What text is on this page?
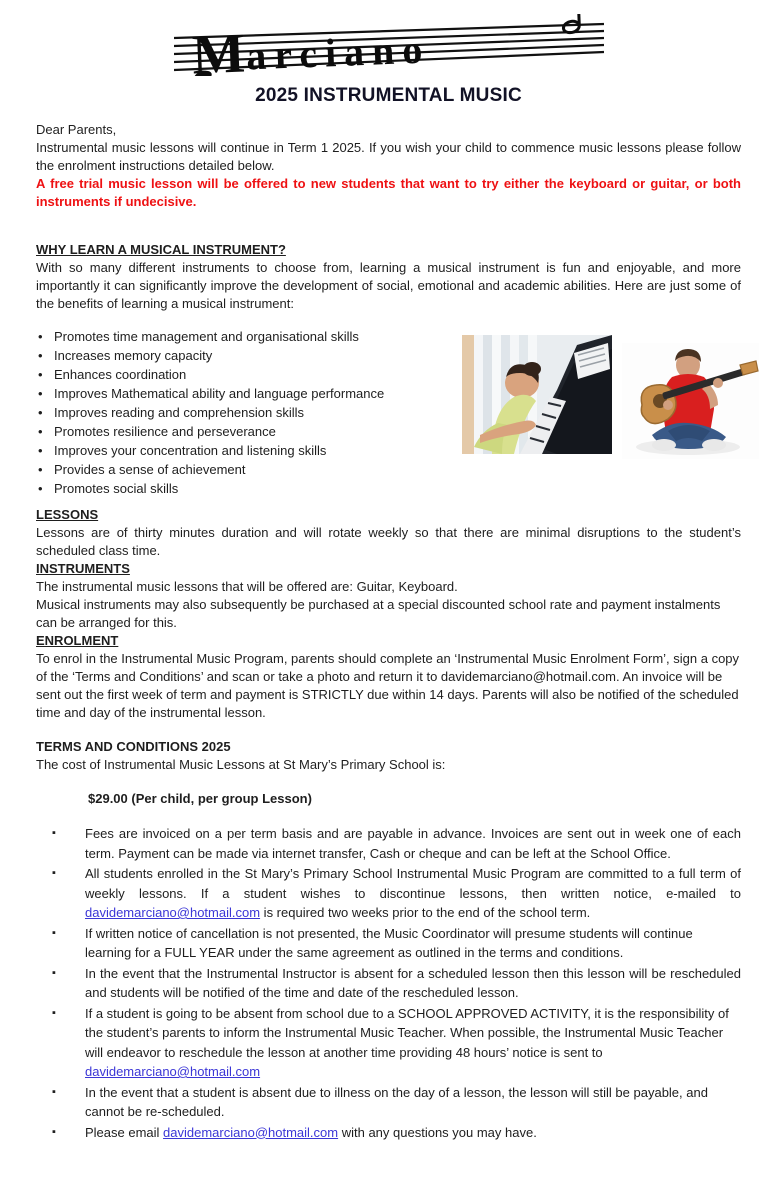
M arciano
2025 INSTRUMENTAL MUSIC
Dear Parents,
Instrumental music lessons will continue in Term 1 2025. If you wish your child to commence music lessons please follow the enrolment instructions detailed below.
A free trial music lesson will be offered to new students that want to try either the keyboard or guitar, or both instruments if undecisive.
WHY LEARN A MUSICAL INSTRUMENT?
With so many different instruments to choose from, learning a musical instrument is fun and enjoyable, and more importantly it can significantly improve the development of social, emotional and academic abilities. Here are just some of the benefits of learning a musical instrument:
• Promotes time management and organisational skills
• Increases memory capacity
• Enhances coordination
• Improves Mathematical ability and language performance
• Improves reading and comprehension skills
• Promotes resilience and perseverance
• Improves your concentration and listening skills
• Provides a sense of achievement
• Promotes social skills
LESSONS
Lessons are of thirty minutes duration and will rotate weekly so that there are minimal disruptions to the student’s scheduled class time.
INSTRUMENTS
The instrumental music lessons that will be offered are: Guitar, Keyboard.
Musical instruments may also subsequently be purchased at a special discounted school rate and payment instalments can be arranged for this.
ENROLMENT
To enrol in the Instrumental Music Program, parents should complete an ‘Instrumental Music Enrolment Form’, sign a copy of the ‘Terms and Conditions’ and scan or take a photo and return it to davidemarciano@hotmail.com. An invoice will be sent out the first week of term and payment is STRICTLY due within 14 days. Parents will also be notified of the scheduled time and day of the instrumental lesson.
TERMS AND CONDITIONS 2025
The cost of Instrumental Music Lessons at St Mary’s Primary School is:
$29.00 (Per child, per group Lesson)
▪ Fees are invoiced on a per term basis and are payable in advance. Invoices are sent out in week one of each term. Payment can be made via internet transfer, Cash or cheque and can be left at the School Office.
▪ All students enrolled in the St Mary’s Primary School Instrumental Music Program are committed to a full term of weekly lessons. If a student wishes to discontinue lessons, then written notice, e-mailed to davidemarciano@hotmail.com is required two weeks prior to the end of the school term.
▪ If written notice of cancellation is not presented, the Music Coordinator will presume students will continue learning for a FULL YEAR under the same agreement as outlined in the terms and conditions.
▪ In the event that the Instrumental Instructor is absent for a scheduled lesson then this lesson will be rescheduled and students will be notified of the time and date of the rescheduled lesson.
▪ If a student is going to be absent from school due to a SCHOOL APPROVED ACTIVITY, it is the responsibility of the student’s parents to inform the Instrumental Music Teacher. When possible, the Instrumental Music Teacher will endeavor to reschedule the lesson at another time providing 48 hours’ notice is sent to davidemarciano@hotmail.com
▪ In the event that a student is absent due to illness on the day of a lesson, the lesson will still be payable, and cannot be re-scheduled.
▪ Please email davidemarciano@hotmail.com with any questions you may have.
